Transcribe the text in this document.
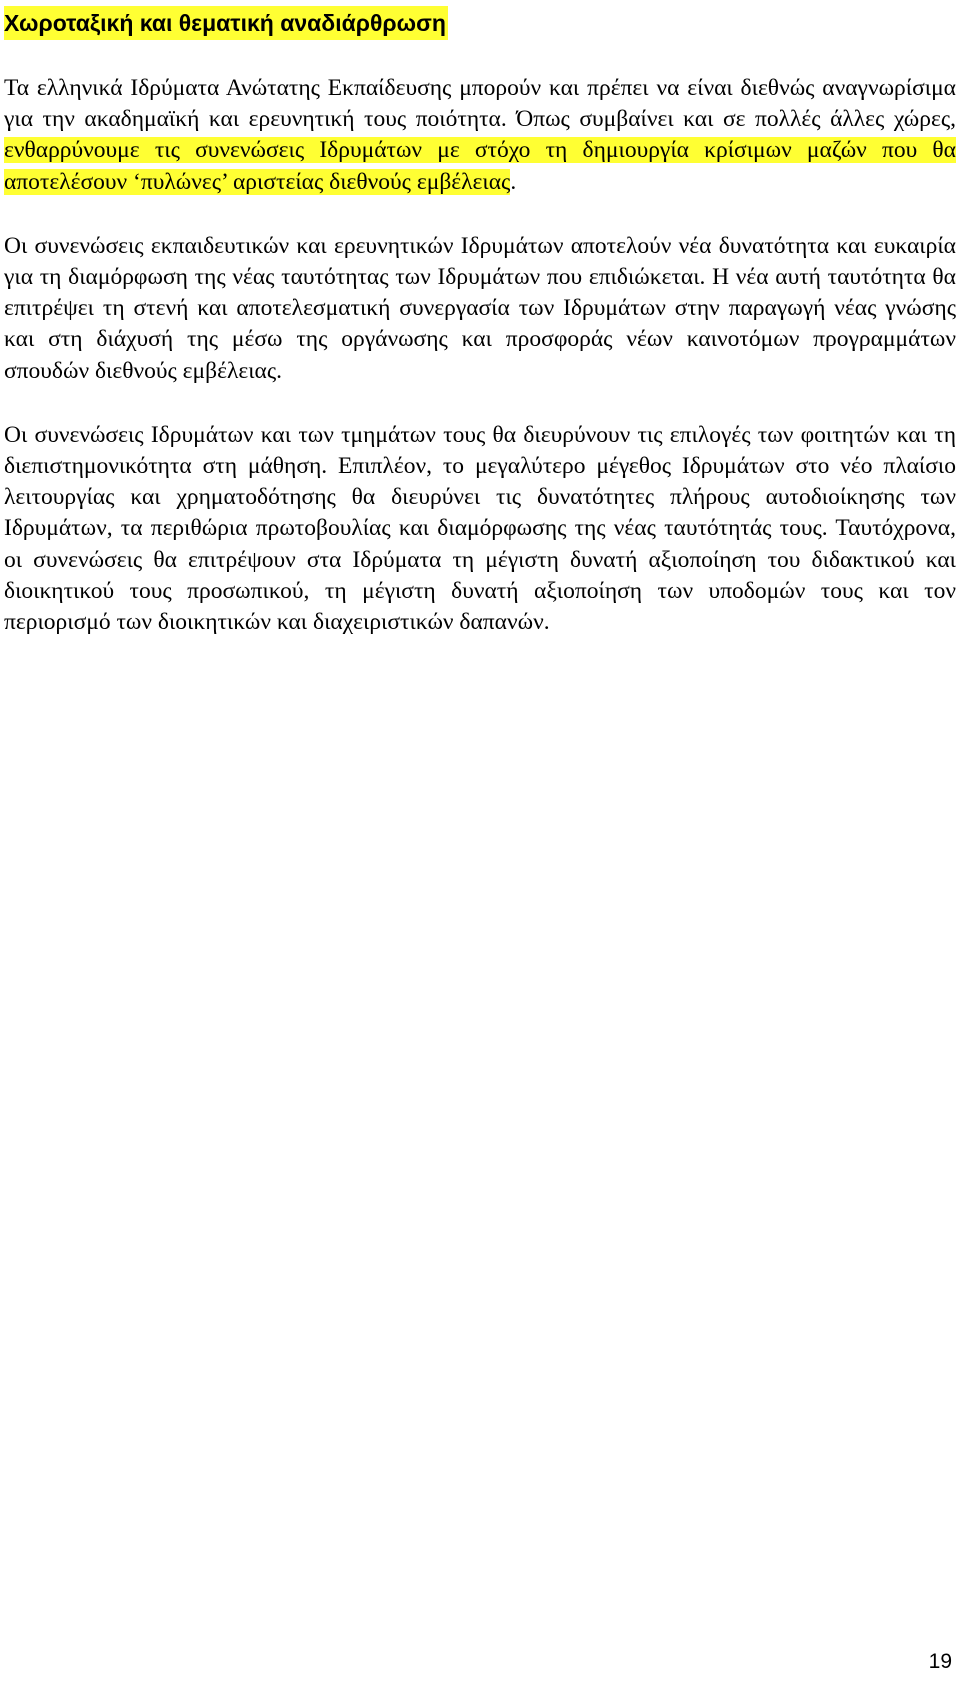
Χωροταξική και θεματική αναδιάρθρωση

Τα ελληνικά Ιδρύματα Ανώτατης Εκπαίδευσης μπορούν και πρέπει να είναι διεθνώς αναγνωρίσιμα για την ακαδημαϊκή και ερευνητική τους ποιότητα. Όπως συμβαίνει και σε πολλές άλλες χώρες, ενθαρρύνουμε τις συνενώσεις Ιδρυμάτων με στόχο τη δημιουργία κρίσιμων μαζών που θα αποτελέσουν ‘πυλώνες’ αριστείας διεθνούς εμβέλειας.

Οι συνενώσεις εκπαιδευτικών και ερευνητικών Ιδρυμάτων αποτελούν νέα δυνατότητα και ευκαιρία για τη διαμόρφωση της νέας ταυτότητας των Ιδρυμάτων που επιδιώκεται. Η νέα αυτή ταυτότητα θα επιτρέψει τη στενή και αποτελεσματική συνεργασία των Ιδρυμάτων στην παραγωγή νέας γνώσης και στη διάχυσή της μέσω της οργάνωσης και προσφοράς νέων καινοτόμων προγραμμάτων σπουδών διεθνούς εμβέλειας.

Οι συνενώσεις Ιδρυμάτων και των τμημάτων τους θα διευρύνουν τις επιλογές των φοιτητών και τη διεπιστημονικότητα στη μάθηση. Επιπλέον, το μεγαλύτερο μέγεθος Ιδρυμάτων στο νέο πλαίσιο λειτουργίας και χρηματοδότησης θα διευρύνει τις δυνατότητες πλήρους αυτοδιοίκησης των Ιδρυμάτων, τα περιθώρια πρωτοβουλίας και διαμόρφωσης της νέας ταυτότητάς τους. Ταυτόχρονα, οι συνενώσεις θα επιτρέψουν στα Ιδρύματα τη μέγιστη δυνατή αξιοποίηση του διδακτικού και διοικητικού τους προσωπικού, τη μέγιστη δυνατή αξιοποίηση των υποδομών τους και τον περιορισμό των διοικητικών και διαχειριστικών δαπανών.

19
